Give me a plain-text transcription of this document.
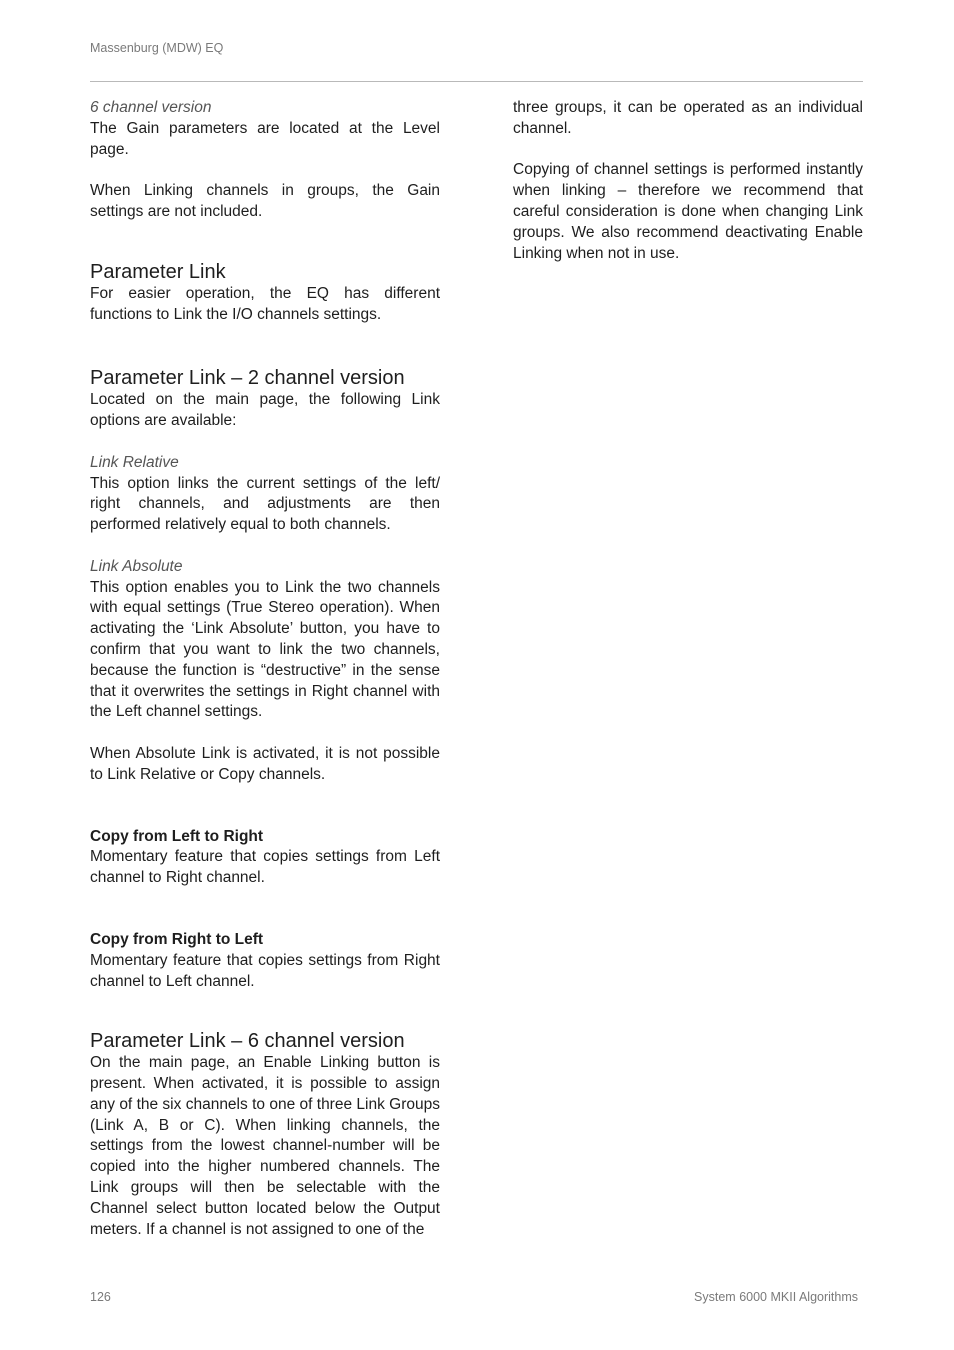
Massenburg (MDW) EQ

6 channel version

The Gain parameters are located at the Level page.

When Linking channels in groups, the Gain settings are not included.

Parameter Link

For easier operation, the EQ has different functions to Link the I/O channels settings.

Parameter Link – 2 channel version

Located on the main page, the following Link options are available:

Link Relative

This option links the current settings of the left/ right channels, and adjustments are then performed relatively equal to both channels.

Link Absolute

This option enables you to Link the two channels with equal settings (True Stereo operation). When activating the ‘Link Absolute’ button, you have to confirm that you want to link the two channels, because the function is “destructive” in the sense that it overwrites the settings in Right channel with the Left channel settings.

When Absolute Link is activated, it is not possible to Link Relative or Copy channels.

Copy from Left to Right

Momentary feature that copies settings from Left channel to Right channel.

Copy from Right to Left

Momentary feature that copies settings from Right channel to Left channel.

Parameter Link – 6 channel version

On the main page, an Enable Linking button is present. When activated, it is possible to assign any of the six channels to one of three Link Groups (Link A, B or C). When linking channels, the settings from the lowest channel-number will be copied into the higher numbered channels. The Link groups will then be selectable with the Channel select button located below the Output meters. If a channel is not assigned to one of the

three groups, it can be operated as an individual channel.

Copying of channel settings is performed instantly when linking – therefore we recommend that careful consideration is done when changing Link groups. We also recommend deactivating Enable Linking when not in use.

126	System 6000 MKII Algorithms
